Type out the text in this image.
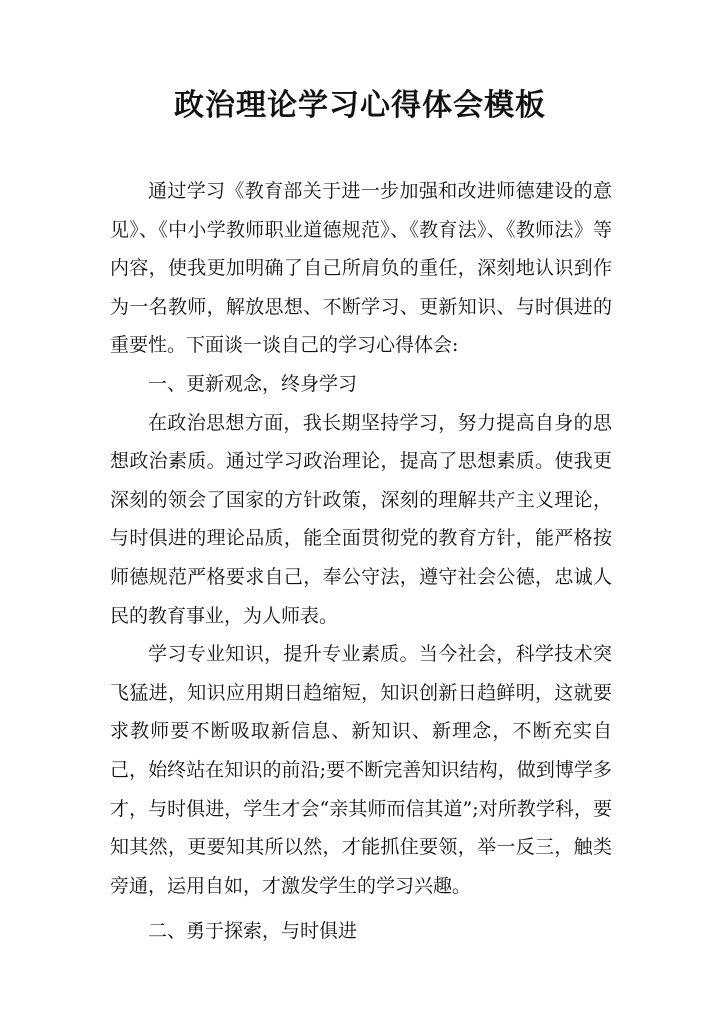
政治理论学习心得体会模板

通过学习《教育部关于进一步加强和改进师德建设的意见》、《中小学教师职业道德规范》、《教育法》、《教师法》等内容，使我更加明确了自己所肩负的重任，深刻地认识到作为一名教师，解放思想、不断学习、更新知识、与时俱进的重要性。下面谈一谈自己的学习心得体会:

一、更新观念，终身学习

在政治思想方面，我长期坚持学习，努力提高自身的思想政治素质。通过学习政治理论，提高了思想素质。使我更深刻的领会了国家的方针政策，深刻的理解共产主义理论，与时俱进的理论品质，能全面贯彻党的教育方针，能严格按师德规范严格要求自己，奉公守法，遵守社会公德，忠诚人民的教育事业，为人师表。

学习专业知识，提升专业素质。当今社会，科学技术突飞猛进，知识应用期日趋缩短，知识创新日趋鲜明，这就要求教师要不断吸取新信息、新知识、新理念，不断充实自己，始终站在知识的前沿;要不断完善知识结构，做到博学多才，与时俱进，学生才会“亲其师而信其道”;对所教学科，要知其然，更要知其所以然，才能抓住要领，举一反三，触类旁通，运用自如，才激发学生的学习兴趣。

二、勇于探索，与时俱进
